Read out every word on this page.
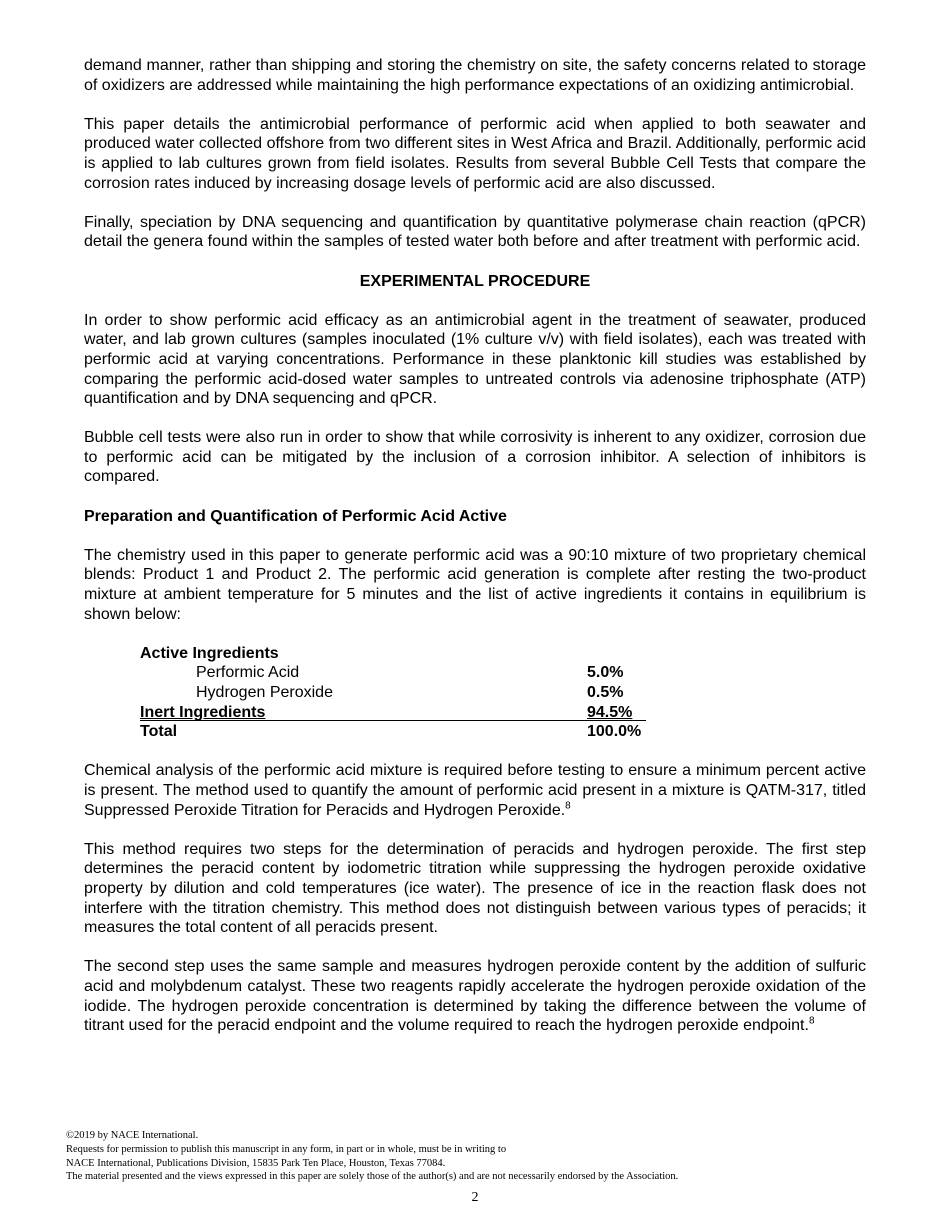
demand manner, rather than shipping and storing the chemistry on site, the safety concerns related to storage of oxidizers are addressed while maintaining the high performance expectations of an oxidizing antimicrobial.

This paper details the antimicrobial performance of performic acid when applied to both seawater and produced water collected offshore from two different sites in West Africa and Brazil. Additionally, performic acid is applied to lab cultures grown from field isolates. Results from several Bubble Cell Tests that compare the corrosion rates induced by increasing dosage levels of performic acid are also discussed.

Finally, speciation by DNA sequencing and quantification by quantitative polymerase chain reaction (qPCR) detail the genera found within the samples of tested water both before and after treatment with performic acid.

EXPERIMENTAL PROCEDURE

In order to show performic acid efficacy as an antimicrobial agent in the treatment of seawater, produced water, and lab grown cultures (samples inoculated (1% culture v/v) with field isolates), each was treated with performic acid at varying concentrations. Performance in these planktonic kill studies was established by comparing the performic acid-dosed water samples to untreated controls via adenosine triphosphate (ATP) quantification and by DNA sequencing and qPCR.

Bubble cell tests were also run in order to show that while corrosivity is inherent to any oxidizer, corrosion due to performic acid can be mitigated by the inclusion of a corrosion inhibitor. A selection of inhibitors is compared.

Preparation and Quantification of Performic Acid Active

The chemistry used in this paper to generate performic acid was a 90:10 mixture of two proprietary chemical blends: Product 1 and Product 2. The performic acid generation is complete after resting the two-product mixture at ambient temperature for 5 minutes and the list of active ingredients it contains in equilibrium is shown below:

Active Ingredients
Performic Acid	5.0%
Hydrogen Peroxide	0.5%
Inert Ingredients	94.5%
Total	100.0%

Chemical analysis of the performic acid mixture is required before testing to ensure a minimum percent active is present. The method used to quantify the amount of performic acid present in a mixture is QATM-317, titled Suppressed Peroxide Titration for Peracids and Hydrogen Peroxide.$^8$

This method requires two steps for the determination of peracids and hydrogen peroxide. The first step determines the peracid content by iodometric titration while suppressing the hydrogen peroxide oxidative property by dilution and cold temperatures (ice water). The presence of ice in the reaction flask does not interfere with the titration chemistry. This method does not distinguish between various types of peracids; it measures the total content of all peracids present.

The second step uses the same sample and measures hydrogen peroxide content by the addition of sulfuric acid and molybdenum catalyst. These two reagents rapidly accelerate the hydrogen peroxide oxidation of the iodide. The hydrogen peroxide concentration is determined by taking the difference between the volume of titrant used for the peracid endpoint and the volume required to reach the hydrogen peroxide endpoint.$^8$

©2019 by NACE International.
Requests for permission to publish this manuscript in any form, in part or in whole, must be in writing to
NACE International, Publications Division, 15835 Park Ten Place, Houston, Texas 77084.
The material presented and the views expressed in this paper are solely those of the author(s) and are not necessarily endorsed by the Association.
2
